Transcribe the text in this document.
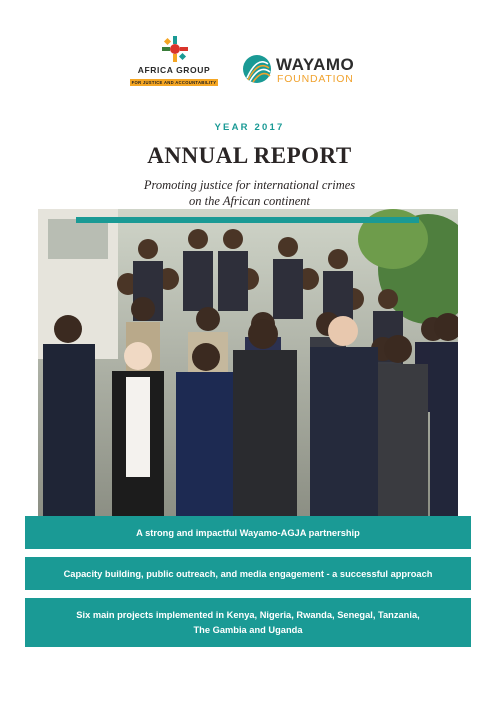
AFRICA GROUP
FOR JUSTICE AND ACCOUNTABILITY
WAYAMO
FOUNDATION
YEAR 2017
ANNUAL REPORT
Promoting justice for international crimes
on the African continent
A strong and impactful Wayamo-AGJA partnership
Capacity building, public outreach, and media engagement - a successful approach
Six main projects implemented in Kenya, Nigeria, Rwanda, Senegal, Tanzania,
The Gambia and Uganda
